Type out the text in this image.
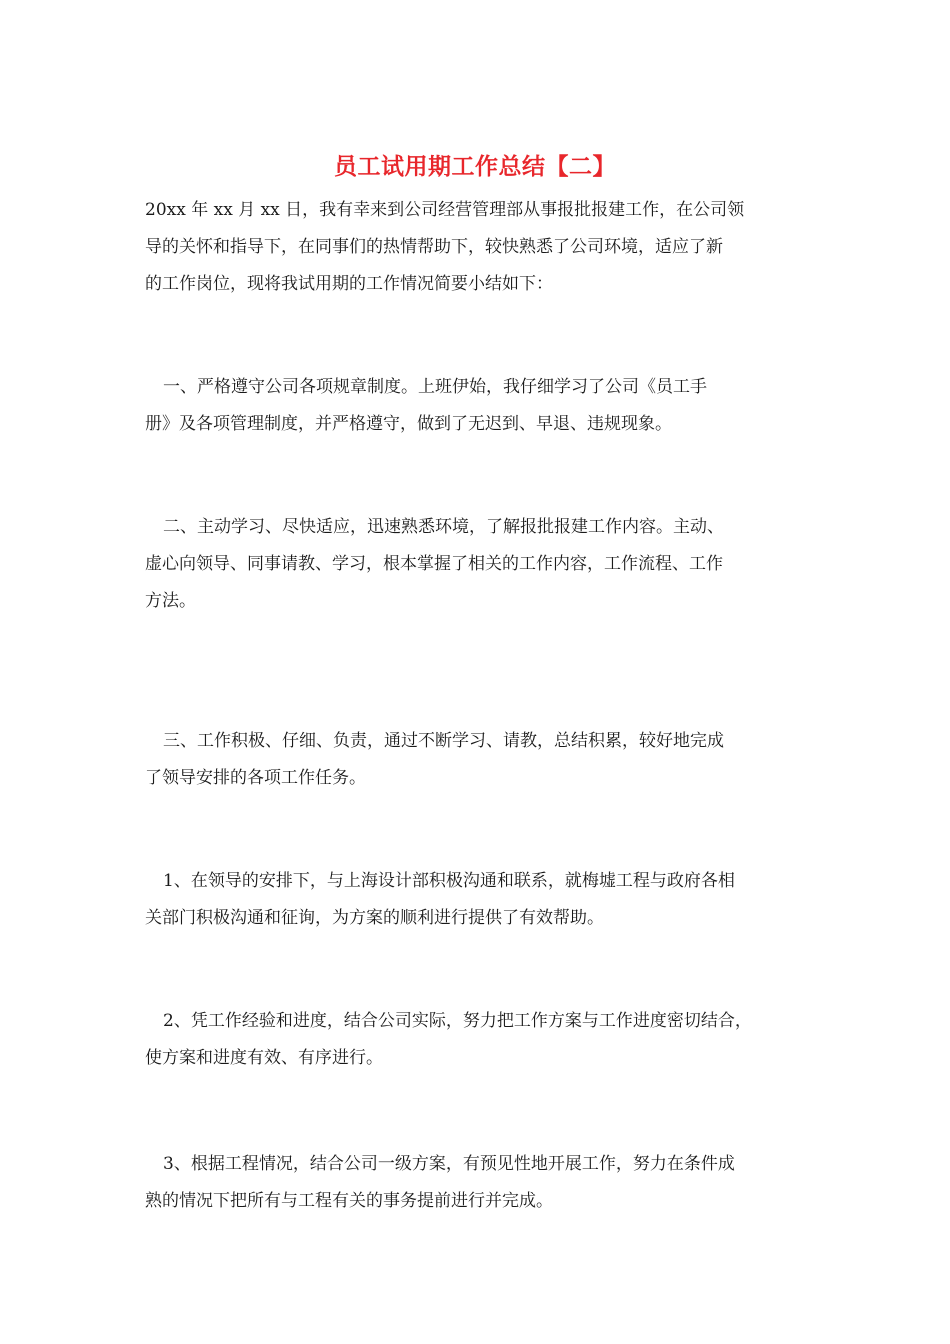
员工试用期工作总结【二】

20xx 年 xx 月 xx 日，我有幸来到公司经营管理部从事报批报建工作，在公司领
导的关怀和指导下，在同事们的热情帮助下，较快熟悉了公司环境，适应了新
的工作岗位，现将我试用期的工作情况简要小结如下：

一、严格遵守公司各项规章制度。上班伊始，我仔细学习了公司《员工手
册》及各项管理制度，并严格遵守，做到了无迟到、早退、违规现象。

二、主动学习、尽快适应，迅速熟悉环境，了解报批报建工作内容。主动、
虚心向领导、同事请教、学习，根本掌握了相关的工作内容，工作流程、工作
方法。

三、工作积极、仔细、负责，通过不断学习、请教，总结积累，较好地完成
了领导安排的各项工作任务。

1、在领导的安排下，与上海设计部积极沟通和联系，就梅墟工程与政府各相
关部门积极沟通和征询，为方案的顺利进行提供了有效帮助。

2、凭工作经验和进度，结合公司实际，努力把工作方案与工作进度密切结合，
使方案和进度有效、有序进行。

3、根据工程情况，结合公司一级方案，有预见性地开展工作，努力在条件成
熟的情况下把所有与工程有关的事务提前进行并完成。
